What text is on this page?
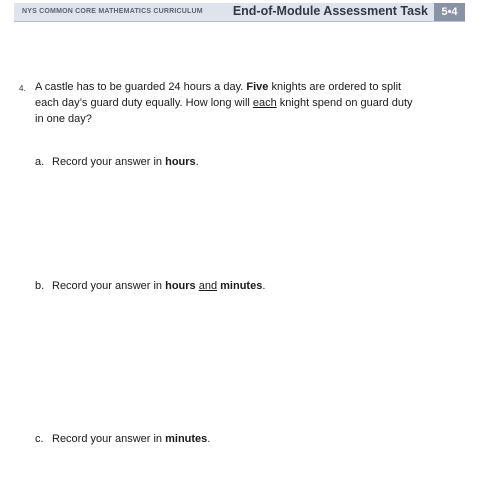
NYS COMMON CORE MATHEMATICS CURRICULUM End-of-Module Assessment Task	5•4
4. A castle has to be guarded 24 hours a day. Five knights are ordered to split

each day’s guard duty equally. How long will each knight spend on guard duty

in one day?

a. Record your answer in hours.
b. Record your answer in hours and minutes.
c. Record your answer in minutes.
